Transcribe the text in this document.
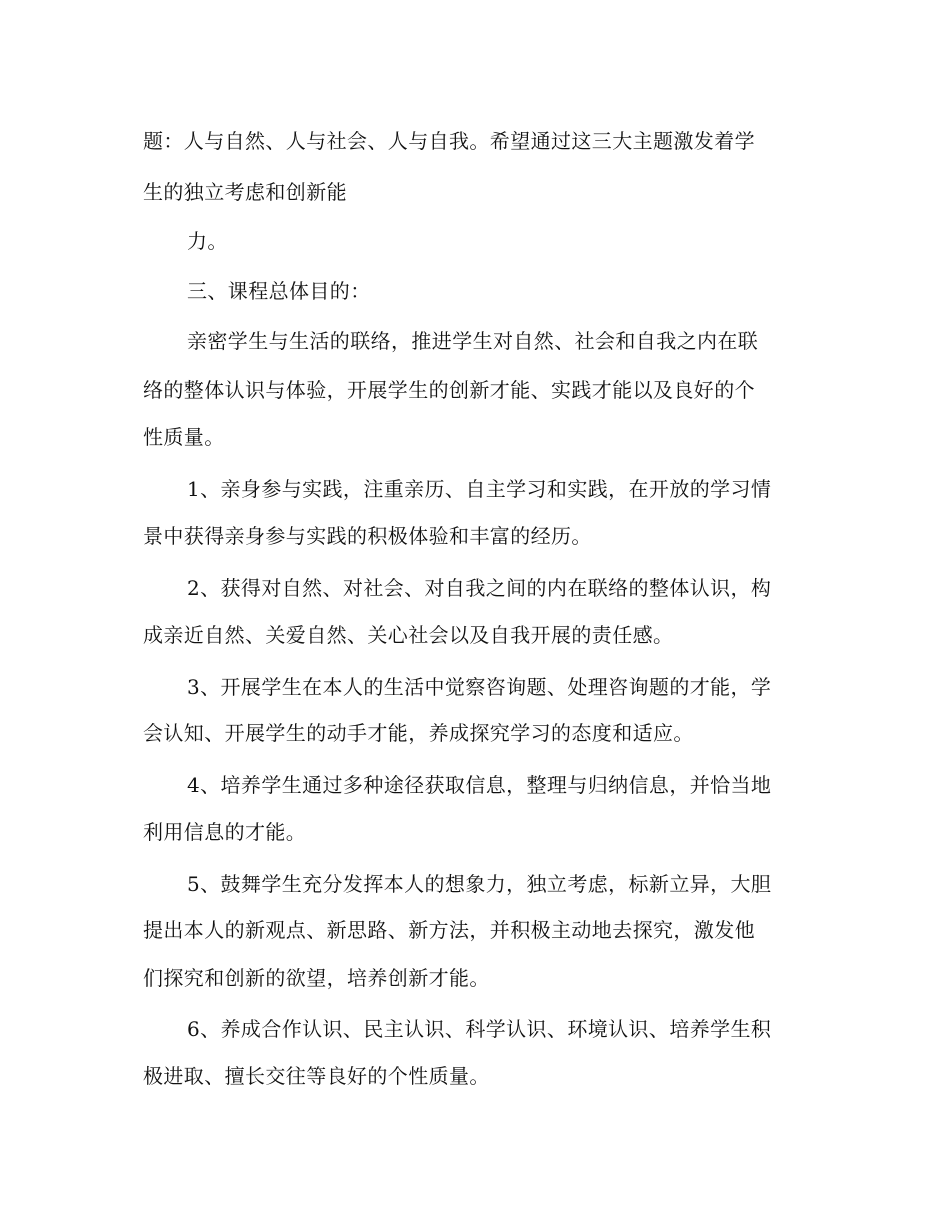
题：人与自然、人与社会、人与自我。希望通过这三大主题激发着学
生的独立考虑和创新能
力。
三、课程总体目的：
亲密学生与生活的联络，推进学生对自然、社会和自我之内在联
络的整体认识与体验，开展学生的创新才能、实践才能以及良好的个
性质量。
1、亲身参与实践，注重亲历、自主学习和实践，在开放的学习情
景中获得亲身参与实践的积极体验和丰富的经历。
2、获得对自然、对社会、对自我之间的内在联络的整体认识，构
成亲近自然、关爱自然、关心社会以及自我开展的责任感。
3、开展学生在本人的生活中觉察咨询题、处理咨询题的才能，学
会认知、开展学生的动手才能，养成探究学习的态度和适应。
4、培养学生通过多种途径获取信息，整理与归纳信息，并恰当地
利用信息的才能。
5、鼓舞学生充分发挥本人的想象力，独立考虑，标新立异，大胆
提出本人的新观点、新思路、新方法，并积极主动地去探究，激发他
们探究和创新的欲望，培养创新才能。
6、养成合作认识、民主认识、科学认识、环境认识、培养学生积
极进取、擅长交往等良好的个性质量。
